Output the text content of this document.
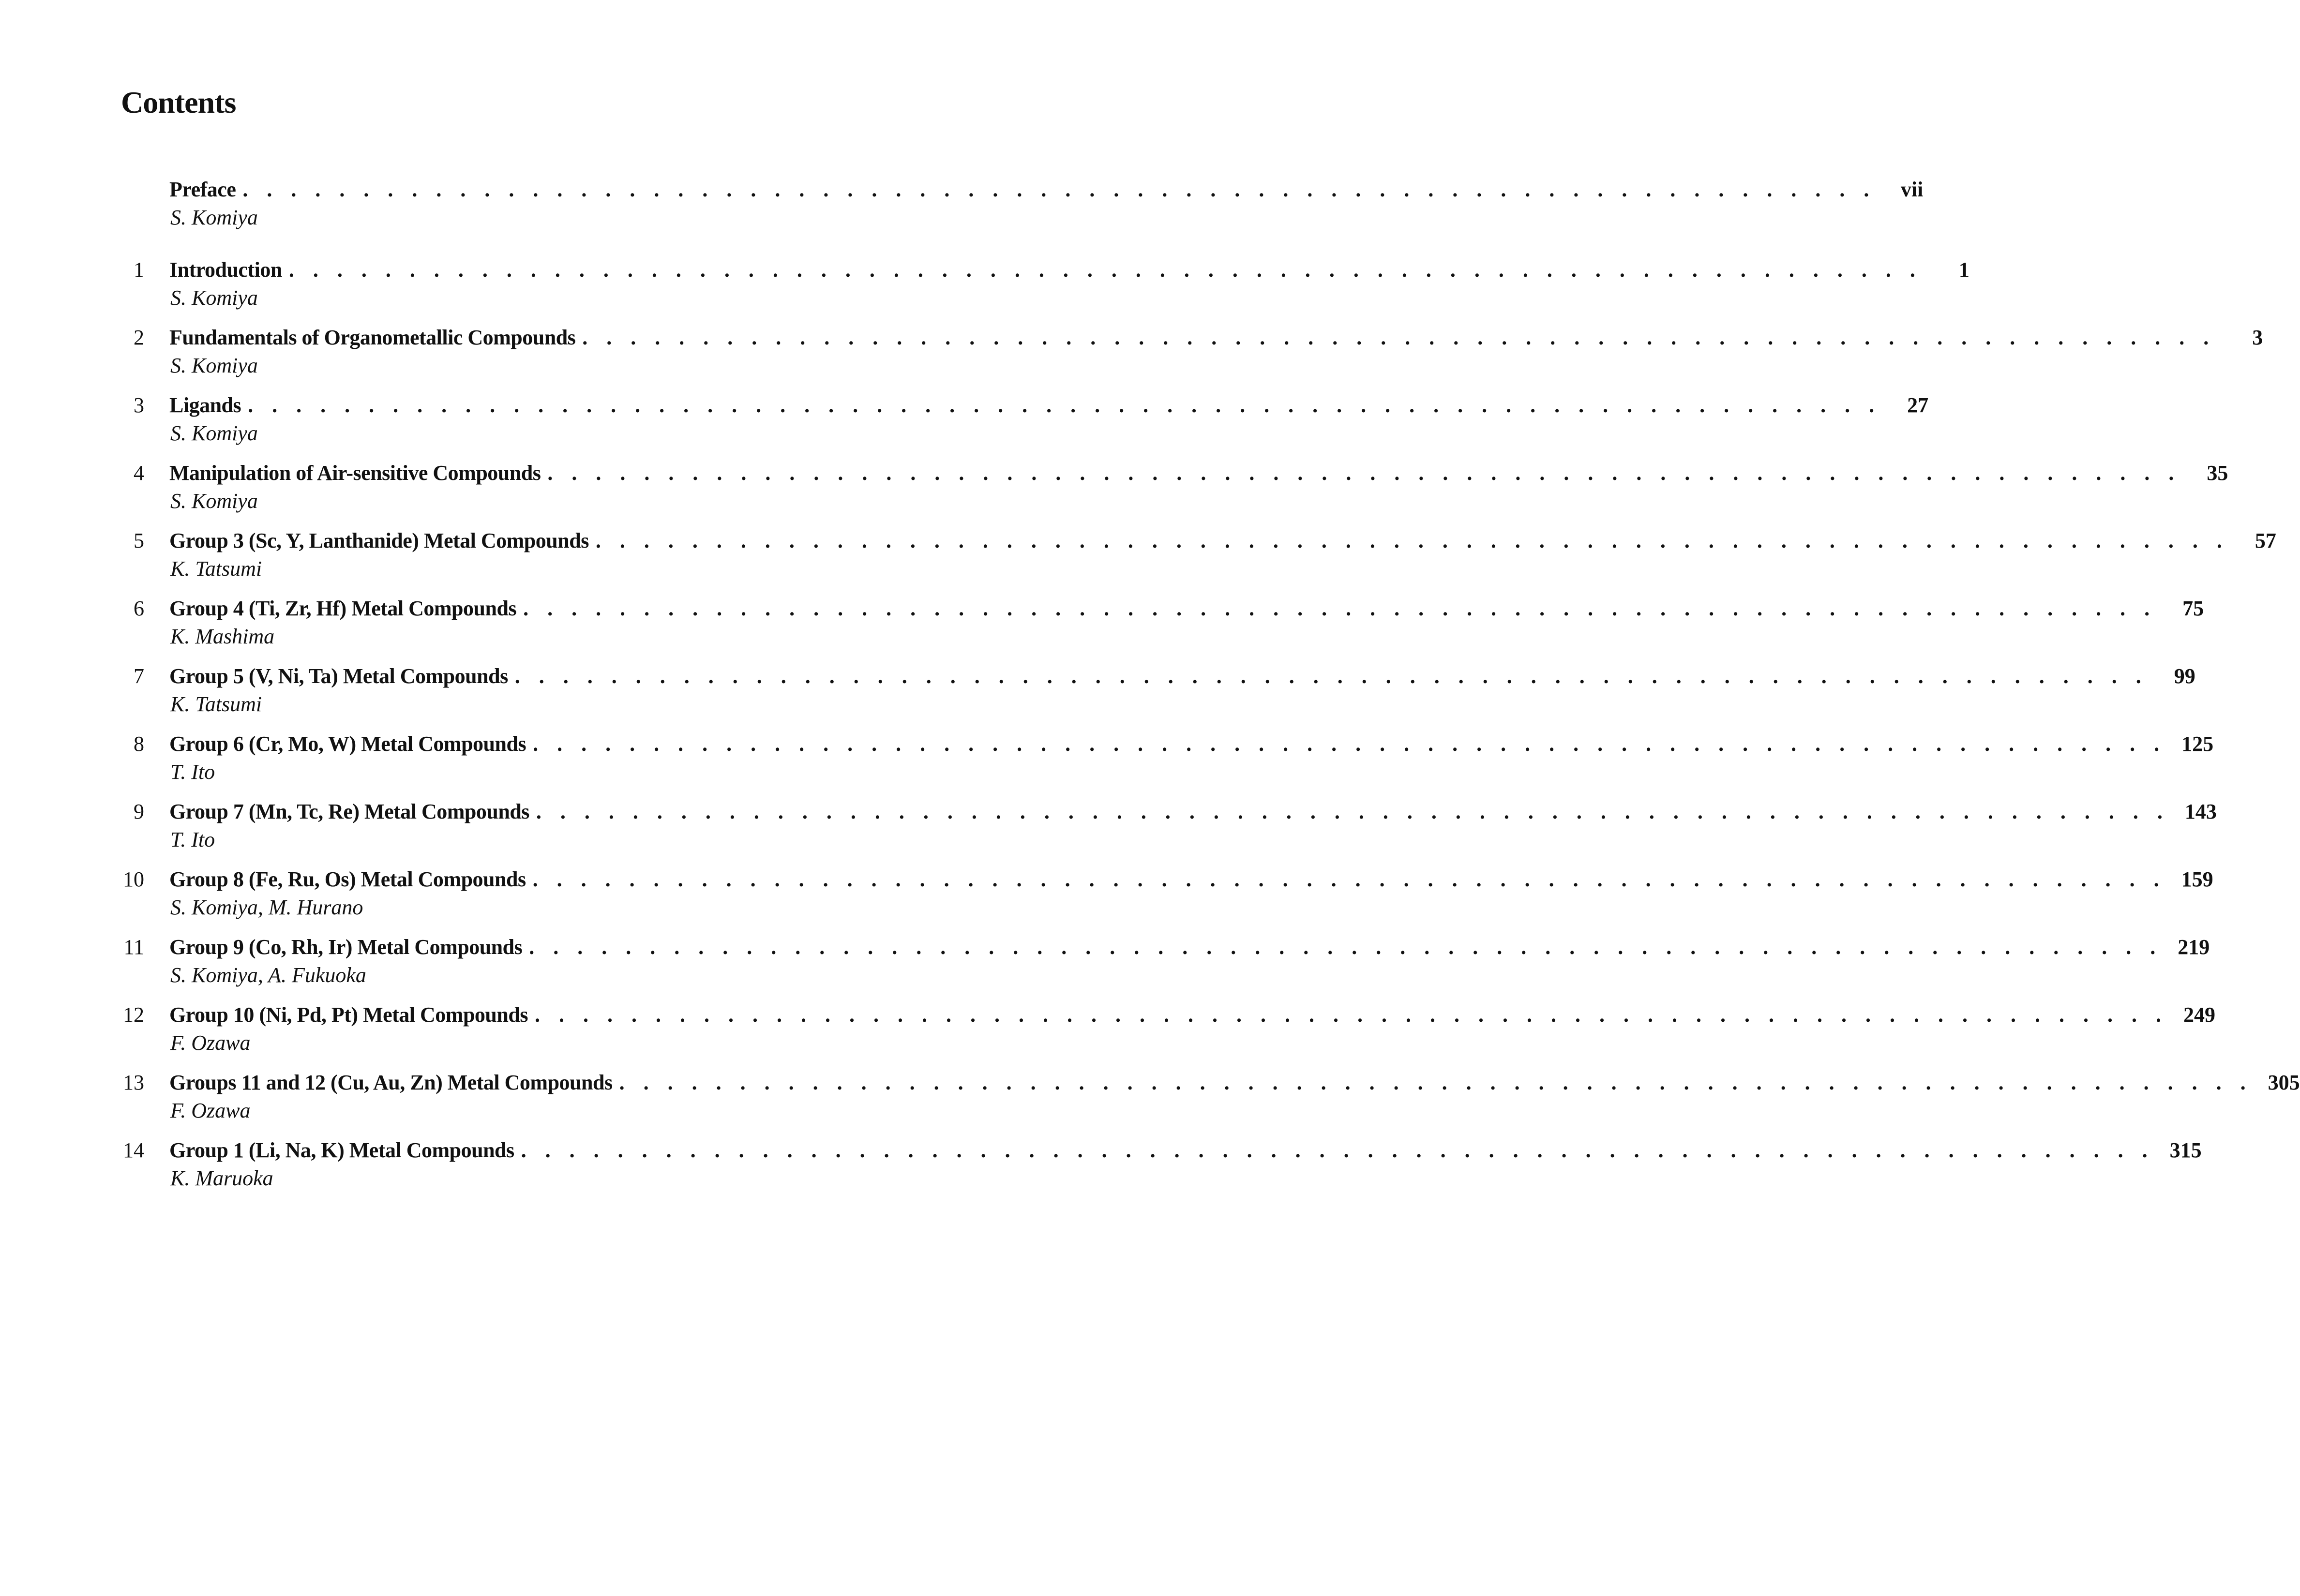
Contents
Preface . . . . . . . . . . . . . . . . . . . . . . . . . . . . . . . . . . . . . . . . . . . . . . . . . . . . . . . . . . . . . . . . . . . .	vii
S. Komiya
1 Introduction . . . . . . . . . . . . . . . . . . . . . . . . . . . . . . . . . . . . . . . . . . . . . . . . . . . . . . . . . . . . . . . . . . . .	1
S. Komiya
2 Fundamentals of Organometallic Compounds . . . . . . . . . . . . . . . . . . . . . . . . . . . . . . . . . . . . . . . . . . . . . . . . . . . . . . . . . . . . . . . . . . . .	3
S. Komiya
3 Ligands . . . . . . . . . . . . . . . . . . . . . . . . . . . . . . . . . . . . . . . . . . . . . . . . . . . . . . . . . . . . . . . . . . . .	27
S. Komiya
4 Manipulation of Air-sensitive Compounds . . . . . . . . . . . . . . . . . . . . . . . . . . . . . . . . . . . . . . . . . . . . . . . . . . . . . . . . . . . . . . . . . . . .	35
S. Komiya
5 Group 3 (Sc, Y, Lanthanide) Metal Compounds . . . . . . . . . . . . . . . . . . . . . . . . . . . . . . . . . . . . . . . . . . . . . . . . . . . . . . . . . . . . . . . . . . . .	57
K. Tatsumi
6 Group 4 (Ti, Zr, Hf) Metal Compounds . . . . . . . . . . . . . . . . . . . . . . . . . . . . . . . . . . . . . . . . . . . . . . . . . . . . . . . . . . . . . . . . . . . .	75
K. Mashima
7 Group 5 (V, Ni, Ta) Metal Compounds . . . . . . . . . . . . . . . . . . . . . . . . . . . . . . . . . . . . . . . . . . . . . . . . . . . . . . . . . . . . . . . . . . . .	99
K. Tatsumi
8 Group 6 (Cr, Mo, W) Metal Compounds . . . . . . . . . . . . . . . . . . . . . . . . . . . . . . . . . . . . . . . . . . . . . . . . . . . . . . . . . . . . . . . . . . . . 125
T. Ito
9 Group 7 (Mn, Tc, Re) Metal Compounds . . . . . . . . . . . . . . . . . . . . . . . . . . . . . . . . . . . . . . . . . . . . . . . . . . . . . . . . . . . . . . . . . . . . 143
T. Ito
10 Group 8 (Fe, Ru, Os) Metal Compounds . . . . . . . . . . . . . . . . . . . . . . . . . . . . . . . . . . . . . . . . . . . . . . . . . . . . . . . . . . . . . . . . . . . . 159
S. Komiya, M. Hurano
11 Group 9 (Co, Rh, Ir) Metal Compounds . . . . . . . . . . . . . . . . . . . . . . . . . . . . . . . . . . . . . . . . . . . . . . . . . . . . . . . . . . . . . . . . . . . . 219
S. Komiya, A. Fukuoka
12 Group 10 (Ni, Pd, Pt) Metal Compounds . . . . . . . . . . . . . . . . . . . . . . . . . . . . . . . . . . . . . . . . . . . . . . . . . . . . . . . . . . . . . . . . . . . . 249
F. Ozawa
13 Groups 11 and 12 (Cu, Au, Zn) Metal Compounds . . . . . . . . . . . . . . . . . . . . . . . . . . . . . . . . . . . . . . . . . . . . . . . . . . . . . . . . . . . . . . . . . . . . 305
F. Ozawa
14 Group 1 (Li, Na, K) Metal Compounds . . . . . . . . . . . . . . . . . . . . . . . . . . . . . . . . . . . . . . . . . . . . . . . . . . . . . . . . . . . . . . . . . . . . 315
K. Maruoka
